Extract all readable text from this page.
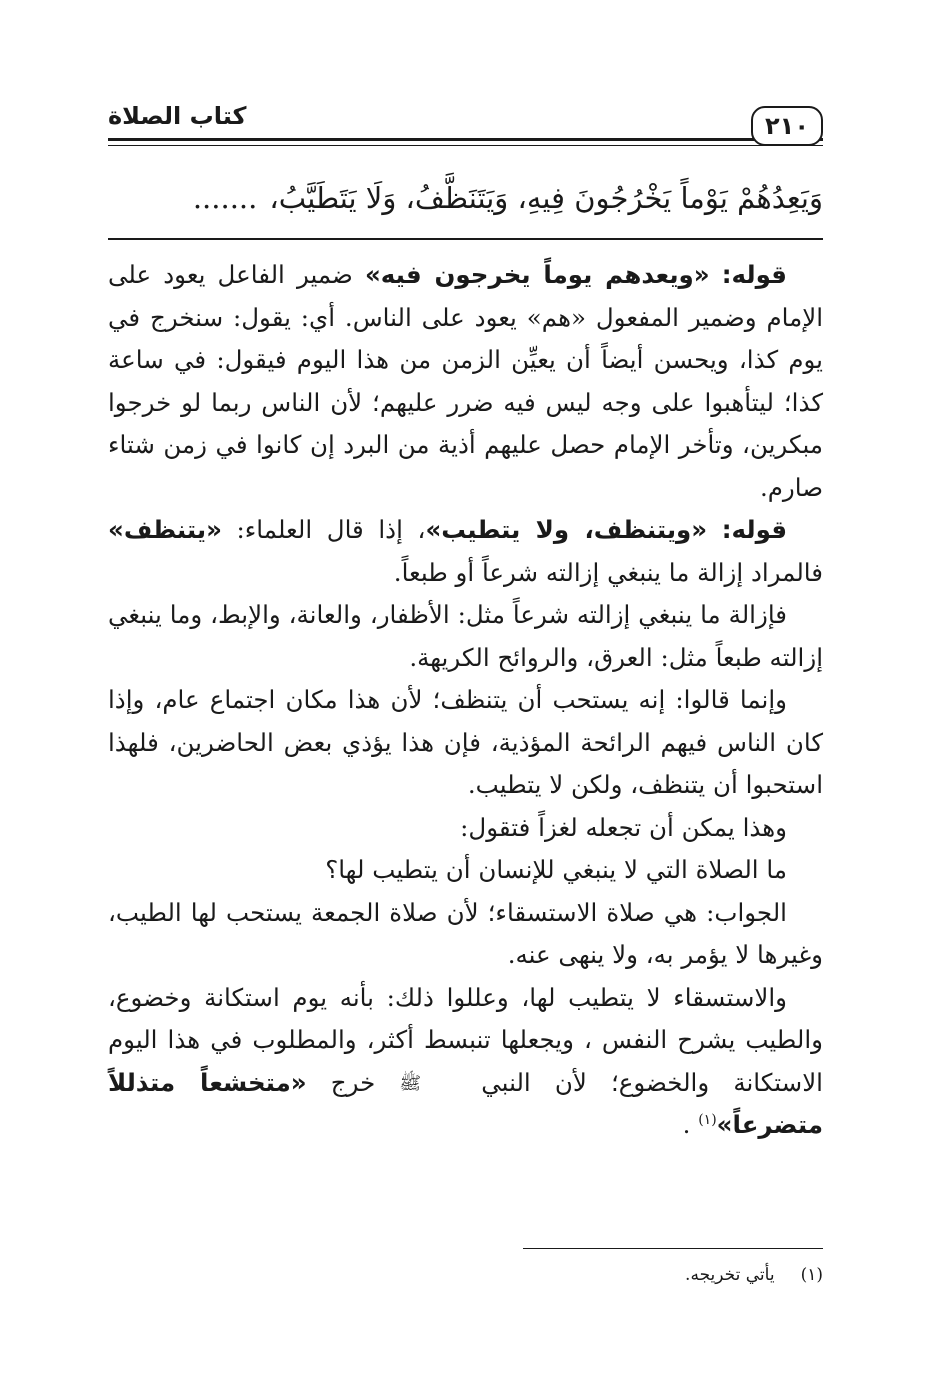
كتاب الصلاة	٢١٠
وَيَعِدُهُمْ يَوْماً يَخْرُجُونَ فِيهِ، وَيَتَنَظَّفُ، وَلَا يَتَطَيَّبُ،.......

قوله: «ويعدهم يوماً يخرجون فيه» ضمير الفاعل يعود على الإمام وضمير المفعول «هم» يعود على الناس. أي: يقول: سنخرج في يوم كذا، ويحسن أيضاً أن يعيِّن الزمن من هذا اليوم فيقول: في ساعة كذا؛ ليتأهبوا على وجه ليس فيه ضرر عليهم؛ لأن الناس ربما لو خرجوا مبكرين، وتأخر الإمام حصل عليهم أذية من البرد إن كانوا في زمن شتاء صارم.

قوله: «ويتنظف، ولا يتطيب»، إذا قال العلماء: «يتنظف» فالمراد إزالة ما ينبغي إزالته شرعاً أو طبعاً.

فإزالة ما ينبغي إزالته شرعاً مثل: الأظفار، والعانة، والإبط، وما ينبغي إزالته طبعاً مثل: العرق، والروائح الكريهة.

وإنما قالوا: إنه يستحب أن يتنظف؛ لأن هذا مكان اجتماع عام، وإذا كان الناس فيهم الرائحة المؤذية، فإن هذا يؤذي بعض الحاضرين، فلهذا استحبوا أن يتنظف، ولكن لا يتطيب.

وهذا يمكن أن تجعله لغزاً فتقول:

ما الصلاة التي لا ينبغي للإنسان أن يتطيب لها؟

الجواب: هي صلاة الاستسقاء؛ لأن صلاة الجمعة يستحب لها الطيب، وغيرها لا يؤمر به، ولا ينهى عنه.

والاستسقاء لا يتطيب لها، وعللوا ذلك: بأنه يوم استكانة وخضوع، والطيب يشرح النفس ، ويجعلها تنبسط أكثر، والمطلوب في هذا اليوم الاستكانة والخضوع؛ لأن النبي ﷺ خرج «متخشعاً متذللاً متضرعاً»$^{(١)}$ .

(١)يأتي تخريجه.
